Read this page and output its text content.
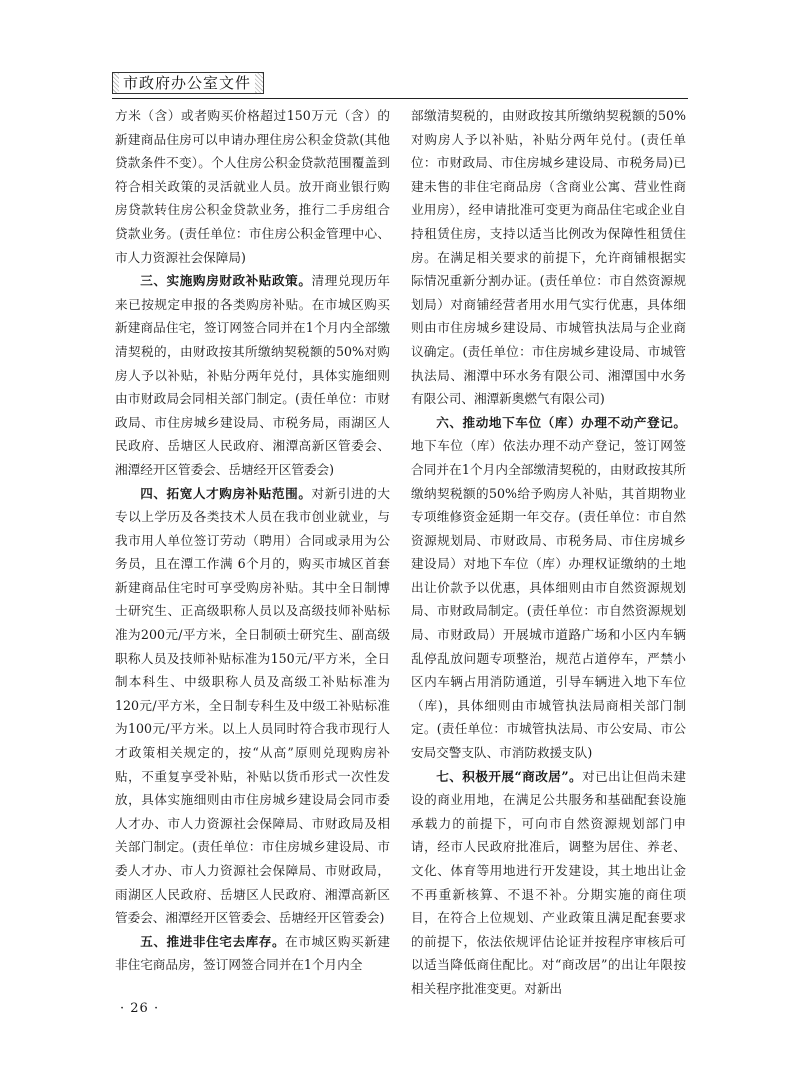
市政府办公室文件

方米（含）或者购买价格超过150万元（含）的新建商品住房可以申请办理住房公积金贷款(其他贷款条件不变）。个人住房公积金贷款范围覆盖到符合相关政策的灵活就业人员。放开商业银行购房贷款转住房公积金贷款业务，推行二手房组合贷款业务。(责任单位：市住房公积金管理中心、市人力资源社会保障局)

三、实施购房财政补贴政策。清理兑现历年来已按规定申报的各类购房补贴。在市城区购买新建商品住宅，签订网签合同并在1个月内全部缴清契税的，由财政按其所缴纳契税额的50%对购房人予以补贴，补贴分两年兑付，具体实施细则由市财政局会同相关部门制定。(责任单位：市财政局、市住房城乡建设局、市税务局，雨湖区人民政府、岳塘区人民政府、湘潭高新区管委会、湘潭经开区管委会、岳塘经开区管委会)

四、拓宽人才购房补贴范围。对新引进的大专以上学历及各类技术人员在我市创业就业，与我市用人单位签订劳动（聘用）合同或录用为公务员，且在潭工作满 6个月的，购买市城区首套新建商品住宅时可享受购房补贴。其中全日制博士研究生、正高级职称人员以及高级技师补贴标准为200元/平方米，全日制硕士研究生、副高级职称人员及技师补贴标准为150元/平方米，全日制本科生、中级职称人员及高级工补贴标准为120元/平方米，全日制专科生及中级工补贴标准为100元/平方米。以上人员同时符合我市现行人才政策相关规定的，按“从高”原则兑现购房补贴，不重复享受补贴，补贴以货币形式一次性发放，具体实施细则由市住房城乡建设局会同市委人才办、市人力资源社会保障局、市财政局及相关部门制定。(责任单位：市住房城乡建设局、市委人才办、市人力资源社会保障局、市财政局，雨湖区人民政府、岳塘区人民政府、湘潭高新区管委会、湘潭经开区管委会、岳塘经开区管委会)

五、推进非住宅去库存。在市城区购买新建非住宅商品房，签订网签合同并在1个月内全

部缴清契税的，由财政按其所缴纳契税额的50%对购房人予以补贴，补贴分两年兑付。(责任单位：市财政局、市住房城乡建设局、市税务局)已建未售的非住宅商品房（含商业公寓、营业性商业用房），经申请批准可变更为商品住宅或企业自持租赁住房，支持以适当比例改为保障性租赁住房。在满足相关要求的前提下，允许商铺根据实际情况重新分割办证。(责任单位：市自然资源规划局）对商铺经营者用水用气实行优惠，具体细则由市住房城乡建设局、市城管执法局与企业商议确定。(责任单位：市住房城乡建设局、市城管执法局、湘潭中环水务有限公司、湘潭国中水务有限公司、湘潭新奥燃气有限公司)

六、推动地下车位（库）办理不动产登记。地下车位（库）依法办理不动产登记，签订网签合同并在1个月内全部缴清契税的，由财政按其所缴纳契税额的50%给予购房人补贴，其首期物业专项维修资金延期一年交存。(责任单位：市自然资源规划局、市财政局、市税务局、市住房城乡建设局）对地下车位（库）办理权证缴纳的土地出让价款予以优惠，具体细则由市自然资源规划局、市财政局制定。(责任单位：市自然资源规划局、市财政局）开展城市道路广场和小区内车辆乱停乱放问题专项整治，规范占道停车，严禁小区内车辆占用消防通道，引导车辆进入地下车位（库)，具体细则由市城管执法局商相关部门制定。(责任单位：市城管执法局、市公安局、市公安局交警支队、市消防救援支队)

七、积极开展“商改居”。对已出让但尚未建设的商业用地，在满足公共服务和基础配套设施承载力的前提下，可向市自然资源规划部门申请，经市人民政府批准后，调整为居住、养老、文化、体育等用地进行开发建设，其土地出让金不再重新核算、不退不补。分期实施的商住项目，在符合上位规划、产业政策且满足配套要求的前提下，依法依规评估论证并按程序审核后可以适当降低商住配比。对“商改居”的出让年限按相关程序批准变更。对新出

· 26 ·
